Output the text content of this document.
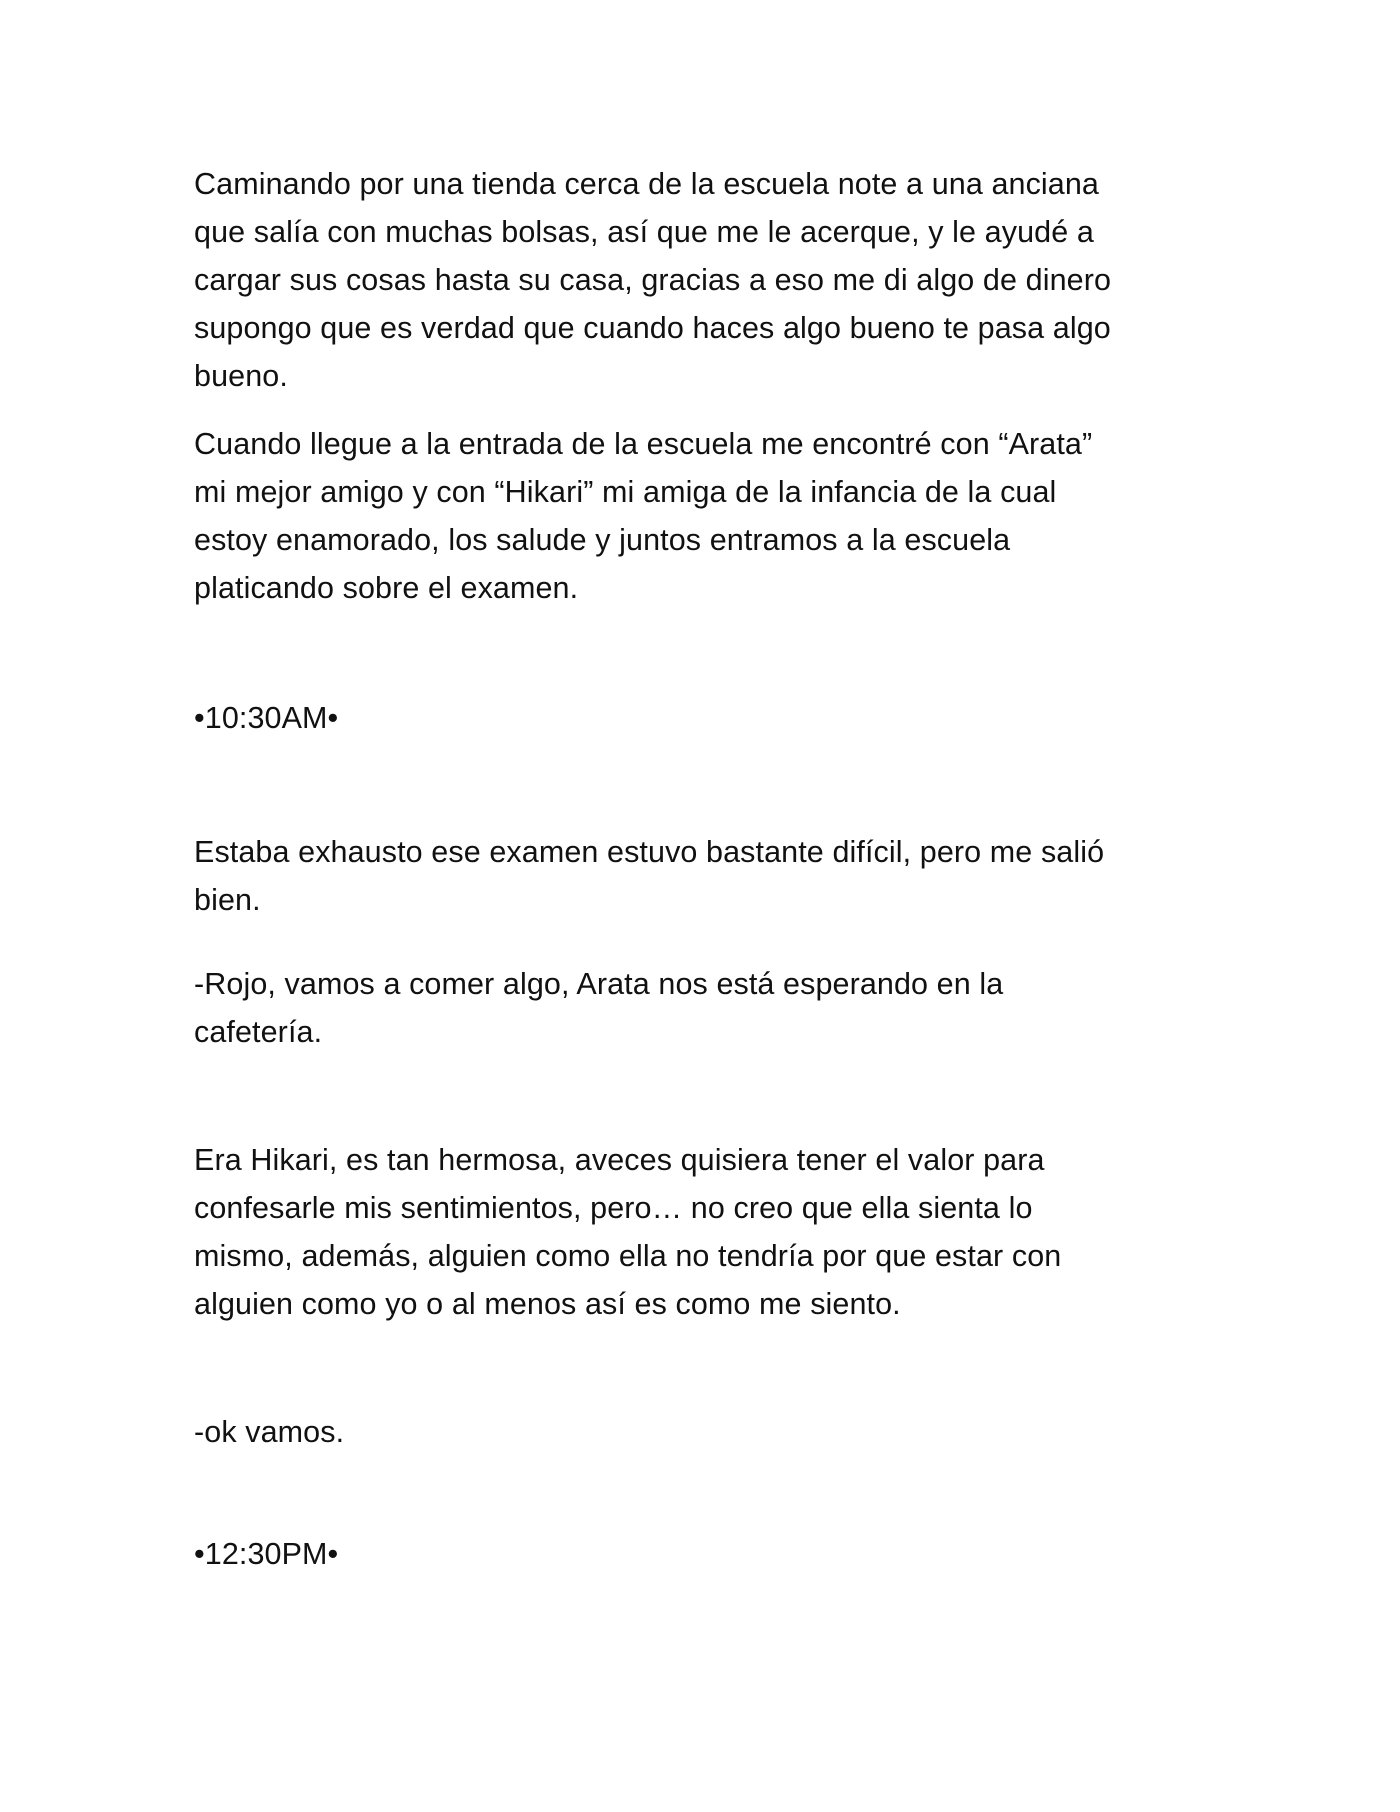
Caminando por una tienda cerca de la escuela note a una anciana
que salía con muchas bolsas, así que me le acerque, y le ayudé a
cargar sus cosas hasta su casa, gracias a eso me di algo de dinero
supongo que es verdad que cuando haces algo bueno te pasa algo
bueno.

Cuando llegue a la entrada de la escuela me encontré con “Arata”
mi mejor amigo y con “Hikari” mi amiga de la infancia de la cual
estoy enamorado, los salude y juntos entramos a la escuela
platicando sobre el examen.

•10:30AM•

Estaba exhausto ese examen estuvo bastante difícil, pero me salió
bien.

-Rojo, vamos a comer algo, Arata nos está esperando en la
cafetería.

Era Hikari, es tan hermosa, aveces quisiera tener el valor para
confesarle mis sentimientos, pero… no creo que ella sienta lo
mismo, además, alguien como ella no tendría por que estar con
alguien como yo o al menos así es como me siento.

-ok vamos.

•12:30PM•
